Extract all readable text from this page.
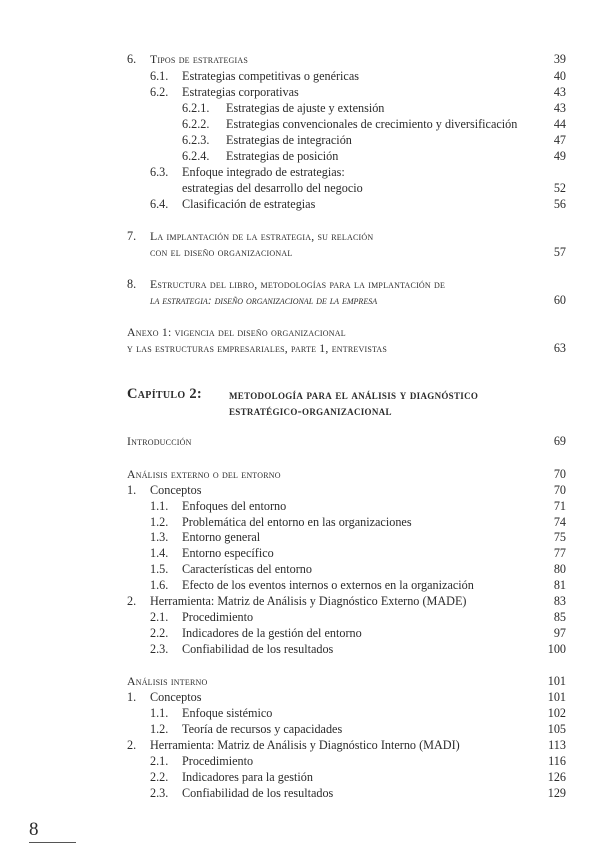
6. Tipos de estrategias	39
6.1. Estrategias competitivas o genéricas	40
6.2. Estrategias corporativas	43
6.2.1. Estrategias de ajuste y extensión	43
6.2.2. Estrategias convencionales de crecimiento y diversificación	44
6.2.3. Estrategias de integración	47
6.2.4. Estrategias de posición	49
6.3. Enfoque integrado de estrategias:
estrategias del desarrollo del negocio	52
6.4. Clasificación de estrategias	56
7. La implantación de la estrategia, su relación
con el diseño organizacional	57
8. Estructura del libro, metodologías para la implantación de
la estrategia: diseño organizacional de la empresa	60
Anexo 1: vigencia del diseño organizacional
y las estructuras empresariales, parte 1, entrevistas	63
Introducción	69
Análisis externo o del entorno	70
1. Conceptos	70
1.1. Enfoques del entorno	71
1.2. Problemática del entorno en las organizaciones	74
1.3. Entorno general	75
1.4. Entorno específico	77
1.5. Características del entorno	80
1.6. Efecto de los eventos internos o externos en la organización	81
2. Herramienta: Matriz de Análisis y Diagnóstico Externo (MADE)	83
2.1. Procedimiento	85
2.2. Indicadores de la gestión del entorno	97
2.3. Confiabilidad de los resultados	100
Análisis interno	101
1. Conceptos	101
1.1. Enfoque sistémico	102
1.2. Teoría de recursos y capacidades	105
2. Herramienta: Matriz de Análisis y Diagnóstico Interno (MADI)	113
2.1. Procedimiento	116
2.2. Indicadores para la gestión	126
2.3. Confiabilidad de los resultados	129
Capítulo 2: metodología para el análisis y diagnóstico
estratégico-organizacional
8
